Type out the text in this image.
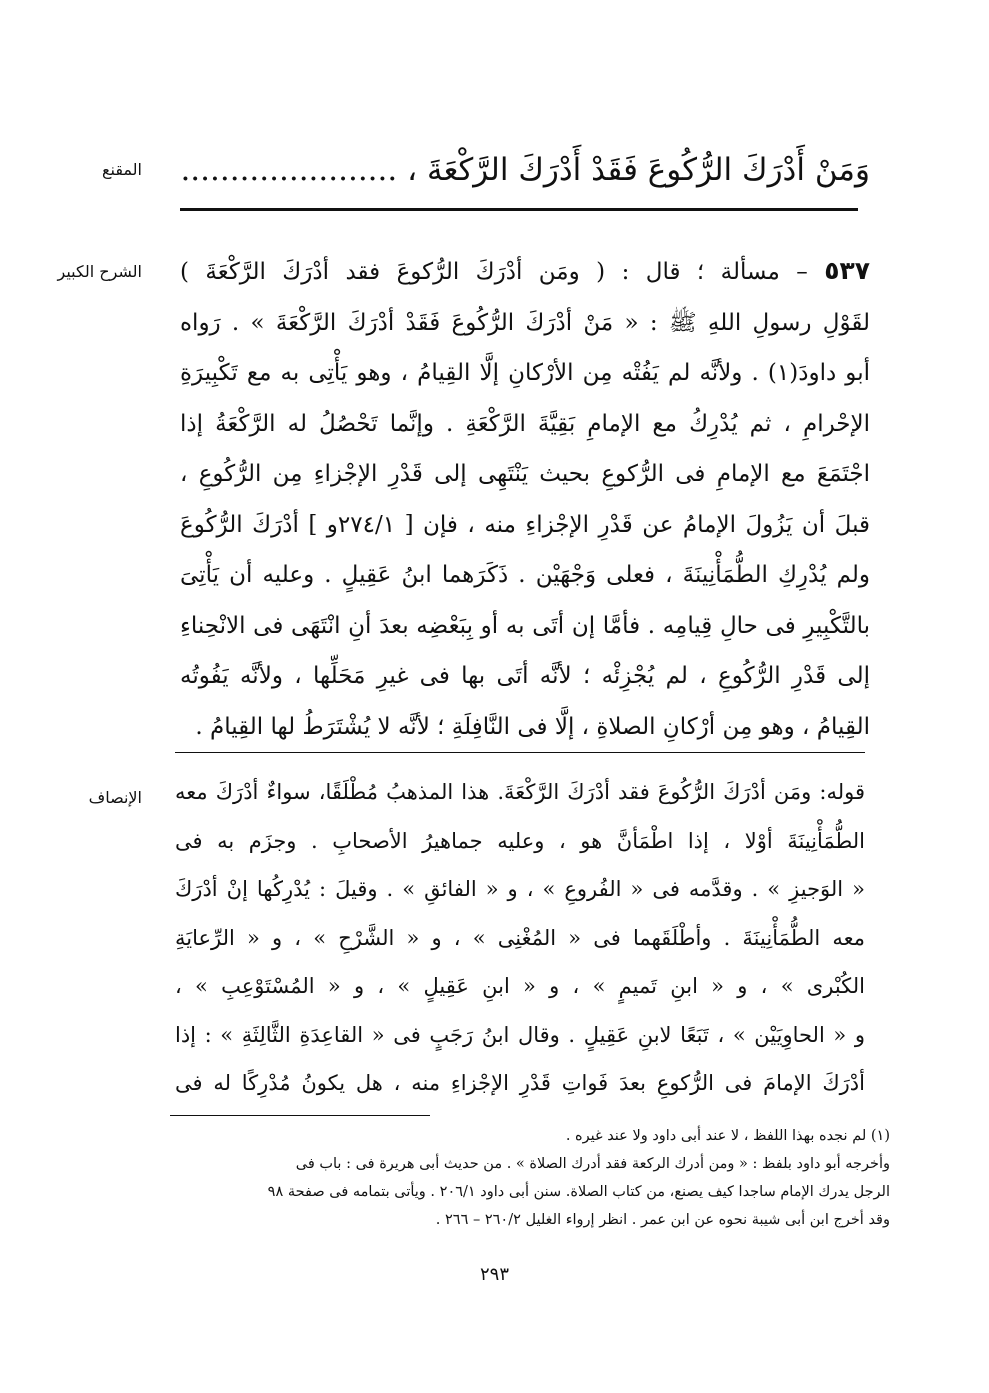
المقنع
الشرح الكبير
الإنصاف
وَمَنْ أَدْرَكَ الرُّكُوعَ فَقَدْ أَدْرَكَ الرَّكْعَةَ ، ......................
٥٣٧ – مسألة ؛ قال : ( ومَن أدْرَكَ الرُّكوعَ فقد أدْرَكَ الرَّكْعَةَ )
لقَوْلِ رسولِ اللهِ ﷺ : « مَنْ أدْرَكَ الرُّكُوعَ فَقَدْ أدْرَكَ الرَّكْعَةَ » . رَواه
أبو داودَ(١) . ولأنَّه لم يَفُتْه مِن الأرْكانِ إلَّا القِيامُ ، وهو يَأْتِى به مع تَكْبِيرَةِ
الإحْرامِ ، ثم يُدْرِكُ مع الإمامِ بَقِيَّةَ الرَّكْعَةِ . وإنَّما تَحْصُلُ له الرَّكْعَةُ إذا
اجْتَمَعَ مع الإمامِ فى الرُّكوعِ بحيث يَنْتَهِى إلى قَدْرِ الإجْزاءِ مِن الرُّكُوعِ ،
قبلَ أن يَزُولَ الإمامُ عن قَدْرِ الإجْزاءِ منه ، فإن [ ٢٧٤/١و ] أدْرَكَ الرُّكُوعَ
ولم يُدْرِكِ الطُّمَأْنِينَةَ ، فعلى وَجْهَيْن . ذَكَرَهما ابنُ عَقِيلٍ . وعليه أن يَأْتِىَ
بالتَّكْبِيرِ فى حالِ قِيامِه . فأمَّا إن أتَى به أو بِبَعْضِه بعدَ أنِ انْتَهَى فى الانْحِناءِ
إلى قَدْرِ الرُّكُوعِ ، لم يُجْزِئْه ؛ لأنَّه أتَى بها فى غيرِ مَحَلِّها ، ولأنَّه يَفُوتُه
القِيامُ ، وهو مِن أرْكانِ الصلاةِ ، إلَّا فى النَّافِلَةِ ؛ لأنَّه لا يُشْتَرَطُ لها القِيامُ .
قوله: ومَن أدْرَكَ الرُّكُوعَ فقد أدْرَكَ الرَّكْعَةَ. هذا المذهبُ مُطْلَقًا، سواءٌ أدْرَكَ معه
الطُّمَأْنِينَةَ أوْلا ، إذا اطْمَأنَّ هو ، وعليه جماهيرُ الأصحابِ . وجزَم به فى
« الوَجيزِ » . وقدَّمه فى « الفُروعِ » ، و « الفائقِ » . وقيلَ : يُدْرِكُها إنْ أدْرَكَ
معه الطُّمَأْنِينَةَ . وأطْلَقَهما فى « المُغْنِى » ، و « الشَّرْحِ » ، و « الرِّعايَةِ
الكُبْرى » ، و « ابنِ تَميمٍ » ، و « ابنِ عَقِيلٍ » ، و « المُسْتَوْعِبِ » ،
و « الحاوِيَيْن » ، تَبَعًا لابنِ عَقِيلٍ . وقال ابنُ رَجَبٍ فى « القاعِدَةِ الثَّالِثَةِ » : إذا
أدْرَكَ الإمامَ فى الرُّكوعِ بعدَ فَواتِ قَدْرِ الإجْزاءِ منه ، هل يكونُ مُدْرِكًا له فى
(١) لم نجده بهذا اللفظ ، لا عند أبى داود ولا عند غيره .
وأخرجه أبو داود بلفظ : « ومن أدرك الركعة فقد أدرك الصلاة » . من حديث أبى هريرة فى : باب فى
الرجل يدرك الإمام ساجدا كيف يصنع، من كتاب الصلاة. سنن أبى داود ٢٠٦/١ . ويأتى بتمامه فى صفحة ٩٨
وقد أخرج ابن أبى شيبة نحوه عن ابن عمر . انظر إرواء الغليل ٢٦٠/٢ – ٢٦٦ .
٢٩٣
